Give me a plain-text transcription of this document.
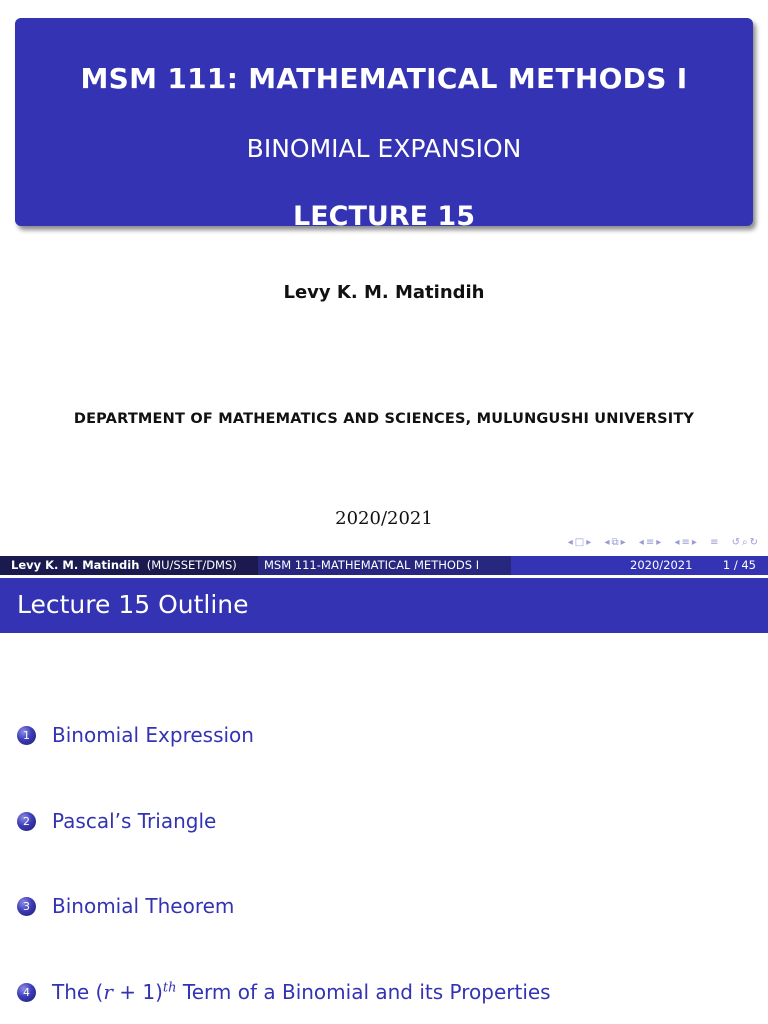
MSM 111: MATHEMATICAL METHODS I
BINOMIAL EXPANSION
LECTURE 15
Levy K. M. Matindih
DEPARTMENT OF MATHEMATICS AND SCIENCES, MULUNGUSHI UNIVERSITY
2020/2021
◂□▸ ◂⧉▸ ◂≡▸ ◂≡▸ ≡ ↺⌕↻
Levy K. M. Matindih (MU/SSET/DMS)	MSM 111-MATHEMATICAL METHODS I	2020/2021	1 / 45
Lecture 15 Outline
1	Binomial Expression
2	Pascal’s Triangle
3	Binomial Theorem
4	The $(r + 1)^{th}$ Term of a Binomial and its Properties
